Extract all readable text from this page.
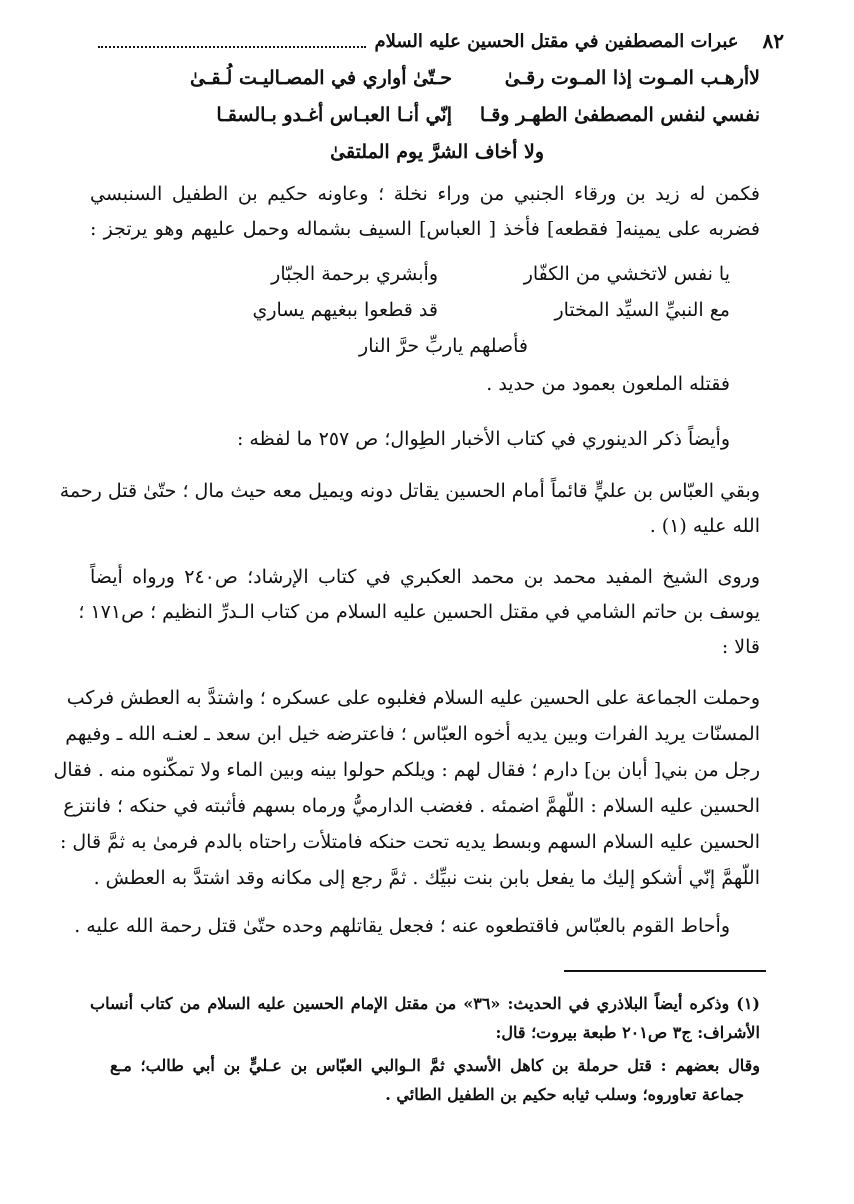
٨٢
عبرات المصطفين في مقتل الحسين عليه السلام
لاأرهـب المـوت إذا المـوت رقـىٰ
حـتّىٰ أواري في المصـاليـت لُـقـىٰ
نفسي لنفس المصطفىٰ الطهـر وقـا
إنّي أنـا العبـاس أغـدو بـالسقـا
ولا أخاف الشرَّ يوم الملتقىٰ
فكمن له زيد بن ورقاء الجنبي من وراء نخلة ؛ وعاونه حكيم بن الطفيل السنبسي
فضربه على يمينه[ فقطعه] فأخذ [ العباس] السيف بشماله وحمل عليهم وهو يرتجز :
يا نفس لاتخشي من الكفّار
وأبشري برحمة الجبّار
مع النبيِّ السيِّد المختار
قد قطعوا ببغيهم يساري
فأصلهم ياربِّ حرَّ النار
فقتله الملعون بعمود من حديد .
وأيضاً ذكر الدينوري في كتاب الأخبار الطِوال؛ ص ٢٥٧ ما لفظه :
وبقي العبّاس بن عليٍّ قائماً أمام الحسين يقاتل دونه ويميل معه حيث مال ؛ حتّىٰ قتل رحمة
الله عليه (١) .
وروى الشيخ المفيد محمد بن محمد العكبري في كتاب الإرشاد؛ ص٢٤٠ ورواه أيضاً
يوسف بن حاتم الشامي في مقتل الحسين عليه السلام من كتاب الـدرِّ النظيم ؛ ص١٧١ ؛
قالا :
وحملت الجماعة على الحسين عليه السلام فغلبوه على عسكره ؛ واشتدَّ به العطش فركب
المسنّات يريد الفرات وبين يديه أخوه العبّاس ؛ فاعترضه خيل ابن سعد ـ لعنـه الله ـ وفيهم
رجل من بني[ أبان بن] دارم ؛ فقال لهم : ويلكم حولوا بينه وبين الماء ولا تمكّنوه منه . فقال
الحسين عليه السلام : اللّهمَّ اضمئه . فغضب الدارميُّ ورماه بسهم فأثبته في حنكه ؛ فانتزع
الحسين عليه السلام السهم وبسط يديه تحت حنكه فامتلأت راحتاه بالدم فرمىٰ به ثمَّ قال :
اللّهمَّ إنّي أشكو إليك ما يفعل بابن بنت نبيِّك . ثمَّ رجع إلى مكانه وقد اشتدَّ به العطش .
وأحاط القوم بالعبّاس فاقتطعوه عنه ؛ فجعل يقاتلهم وحده حتّىٰ قتل رحمة الله عليه .
(١) وذكره أيضاً البلاذري في الحديث: «٣٦» من مقتل الإمام الحسين عليه السلام من كتاب أنساب
الأشراف: ج٣ ص٢٠١ طبعة بيروت؛ قال:
وقال بعضهم : قتل حرملة بن كاهل الأسدي ثمَّ الـوالبي العبّاس بن عـليٍّ بن أبي طالب؛ مـع
جماعة تعاوروه؛ وسلب ثيابه حكيم بن الطفيل الطائي .
